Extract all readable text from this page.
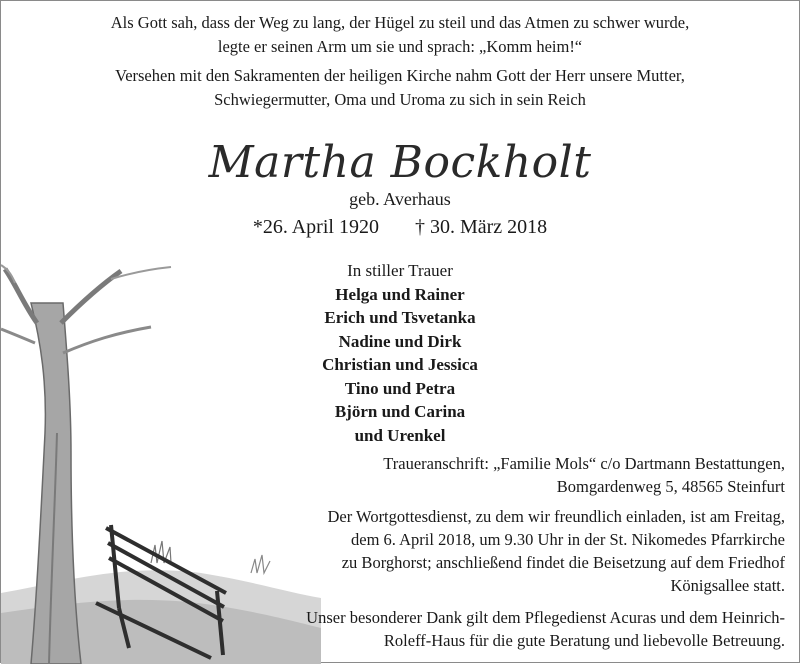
Als Gott sah, dass der Weg zu lang, der Hügel zu steil und das Atmen zu schwer wurde,
legte er seinen Arm um sie und sprach: „Komm heim!“
Versehen mit den Sakramenten der heiligen Kirche nahm Gott der Herr unsere Mutter,
Schwiegermutter, Oma und Uroma zu sich in sein Reich
Martha Bockholt
geb. Averhaus
*26. April 1920 † 30. März 2018
In stiller Trauer
Helga und Rainer
Erich und Tsvetanka
Nadine und Dirk
Christian und Jessica
Tino und Petra
Björn und Carina
und Urenkel
Traueranschrift: „Familie Mols“ c/o Dartmann Bestattungen,
Bomgardenweg 5, 48565 Steinfurt
Der Wortgottesdienst, zu dem wir freundlich einladen, ist am Freitag,
dem 6. April 2018, um 9.30 Uhr in der St. Nikomedes Pfarrkirche
zu Borghorst; anschließend findet die Beisetzung auf dem Friedhof
Königsallee statt.
Unser besonderer Dank gilt dem Pflegedienst Acuras und dem Heinrich-
Roleff-Haus für die gute Beratung und liebevolle Betreuung.
